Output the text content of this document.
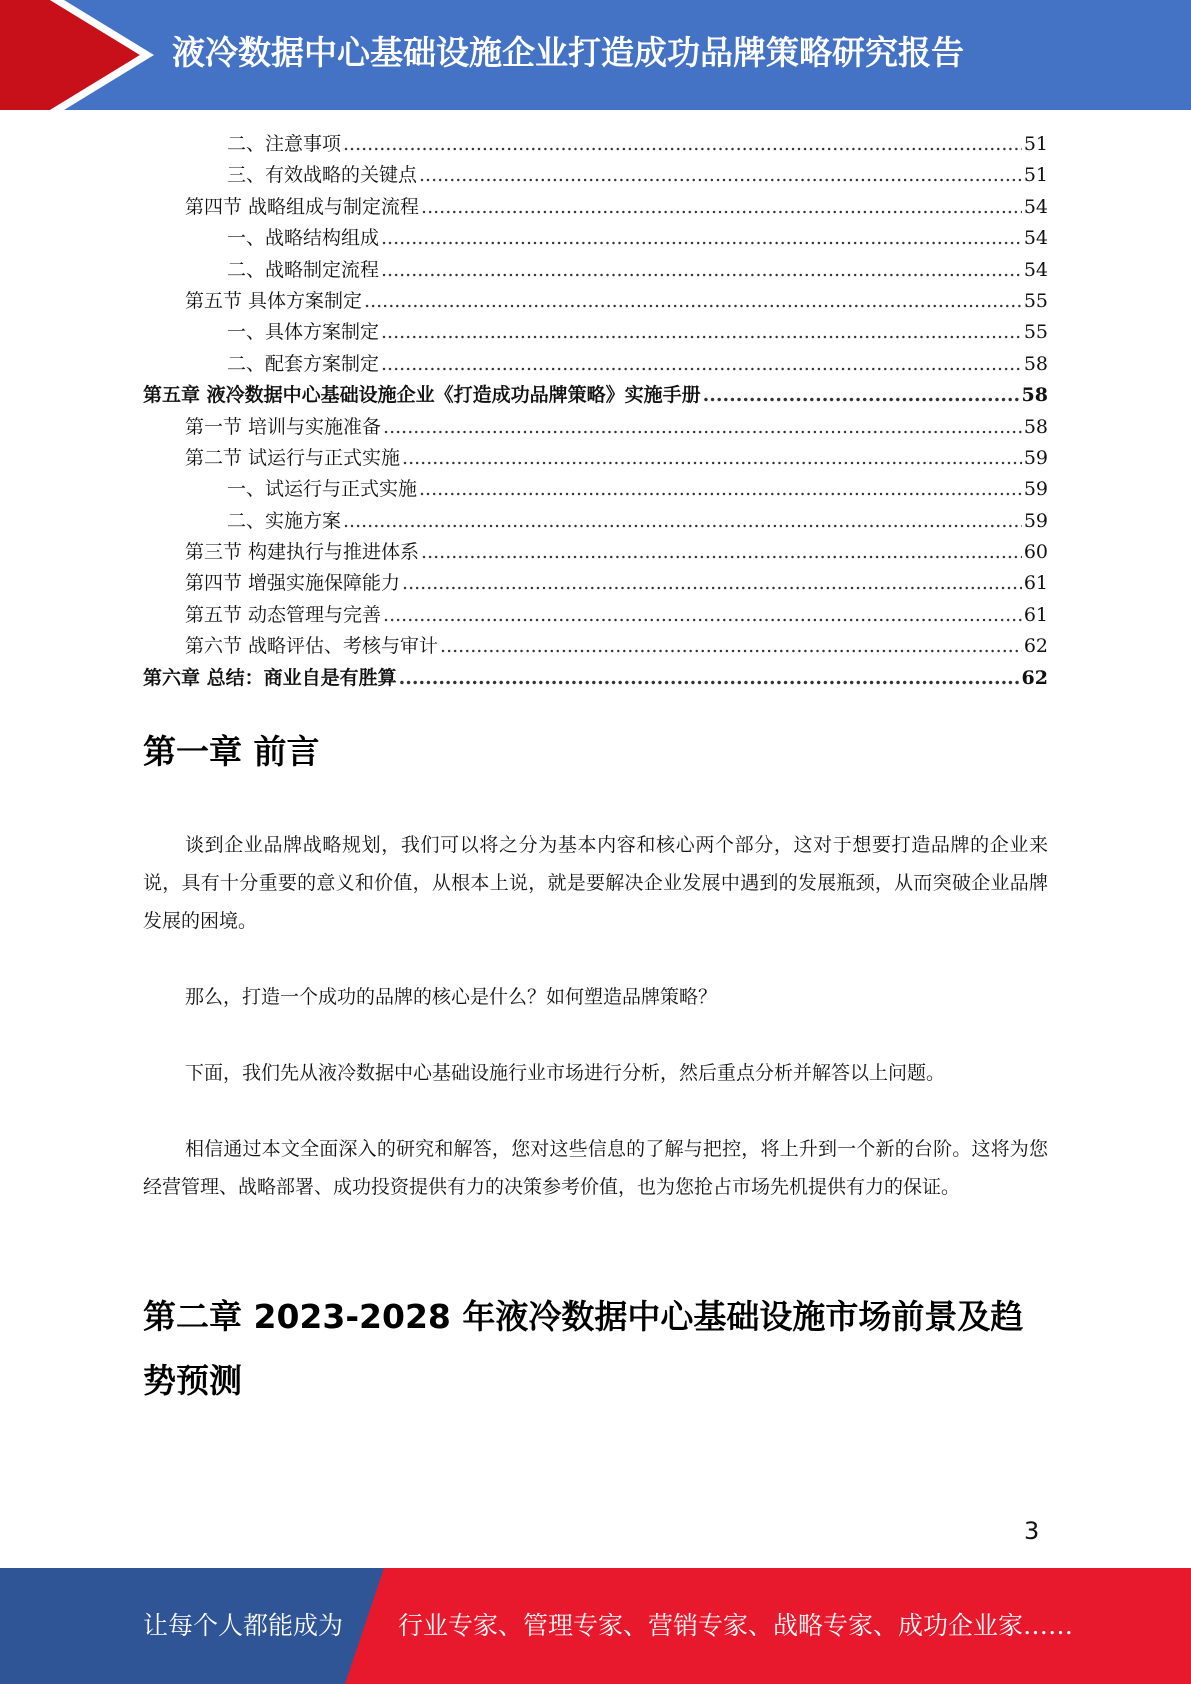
液冷数据中心基础设施企业打造成功品牌策略研究报告
二、注意事项 .....	51
三、有效战略的关键点 .....	51
第四节 战略组成与制定流程 .....	54
一、战略结构组成 .....	54
二、战略制定流程 .....	54
第五节 具体方案制定 .....	55
一、具体方案制定 .....	55
二、配套方案制定 .....	58
第五章 液冷数据中心基础设施企业《打造成功品牌策略》实施手册 .....	58
第一节 培训与实施准备 .....	58
第二节 试运行与正式实施 .....	59
一、试运行与正式实施 .....	59
二、实施方案 .....	59
第三节 构建执行与推进体系 .....	60
第四节 增强实施保障能力 .....	61
第五节 动态管理与完善 .....	61
第六节 战略评估、考核与审计 .....	62
第六章 总结：商业自是有胜算 .....	62
第一章 前言
谈到企业品牌战略规划，我们可以将之分为基本内容和核心两个部分，这对于想要打造品牌的企业来说，具有十分重要的意义和价值，从根本上说，就是要解决企业发展中遇到的发展瓶颈，从而突破企业品牌发展的困境。
那么，打造一个成功的品牌的核心是什么？如何塑造品牌策略？
下面，我们先从液冷数据中心基础设施行业市场进行分析，然后重点分析并解答以上问题。
相信通过本文全面深入的研究和解答，您对这些信息的了解与把控，将上升到一个新的台阶。这将为您经营管理、战略部署、成功投资提供有力的决策参考价值，也为您抢占市场先机提供有力的保证。
第二章 2023-2028 年液冷数据中心基础设施市场前景及趋势预测
3
让每个人都能成为 行业专家、管理专家、营销专家、战略专家、成功企业家……
